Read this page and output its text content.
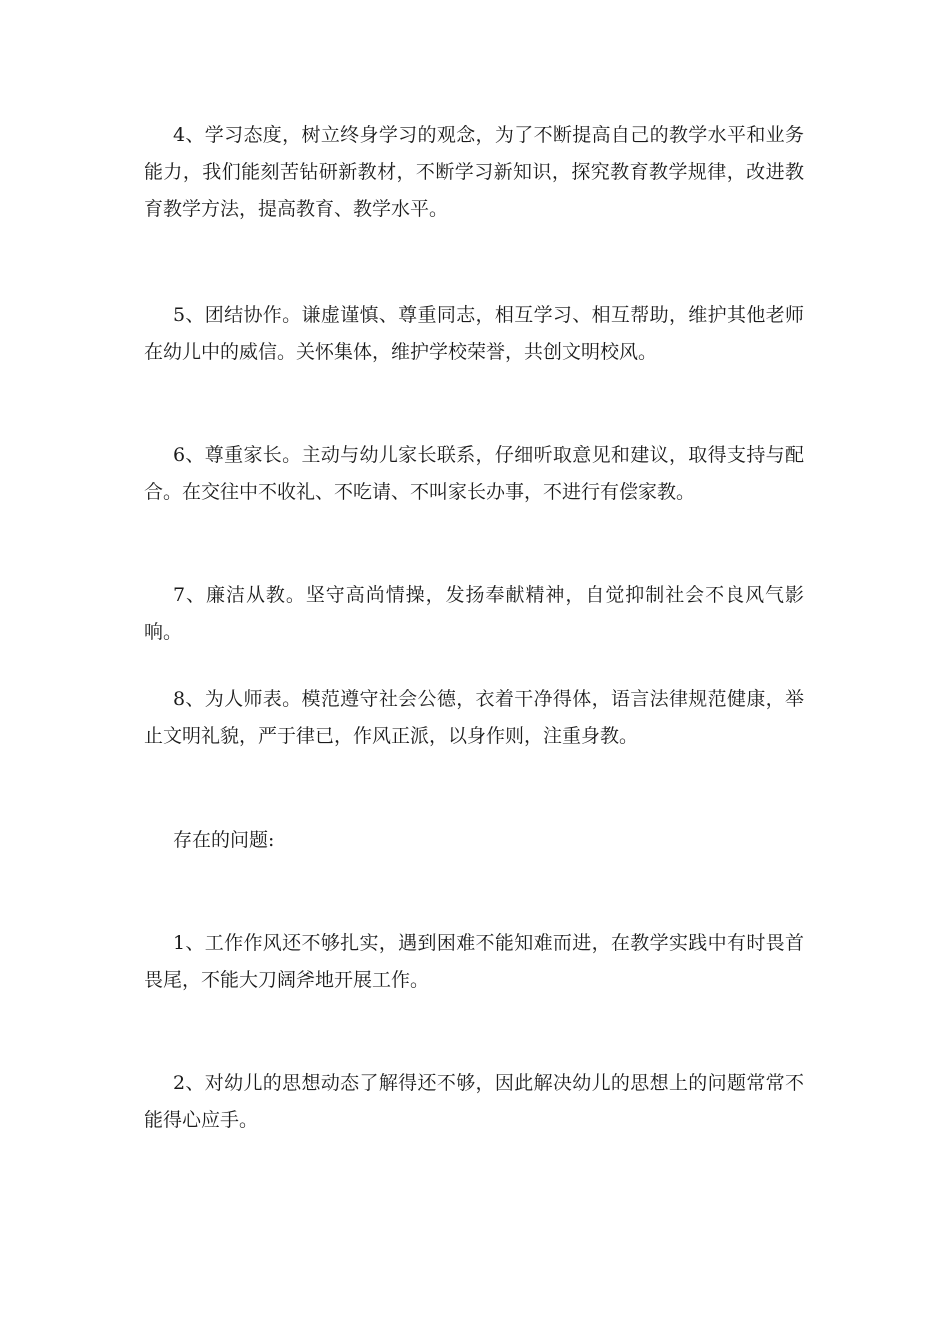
4、学习态度，树立终身学习的观念，为了不断提高自己的教学水平和业务能力，我们能刻苦钻研新教材，不断学习新知识，探究教育教学规律，改进教育教学方法，提高教育、教学水平。

5、团结协作。谦虚谨慎、尊重同志，相互学习、相互帮助，维护其他老师在幼儿中的威信。关怀集体，维护学校荣誉，共创文明校风。

6、尊重家长。主动与幼儿家长联系，仔细听取意见和建议，取得支持与配合。在交往中不收礼、不吃请、不叫家长办事，不进行有偿家教。

7、廉洁从教。坚守高尚情操，发扬奉献精神，自觉抑制社会不良风气影响。

8、为人师表。模范遵守社会公德，衣着干净得体，语言法律规范健康，举止文明礼貌，严于律已，作风正派，以身作则，注重身教。

存在的问题:

1、工作作风还不够扎实，遇到困难不能知难而进，在教学实践中有时畏首畏尾，不能大刀阔斧地开展工作。

2、对幼儿的思想动态了解得还不够，因此解决幼儿的思想上的问题常常不能得心应手。
